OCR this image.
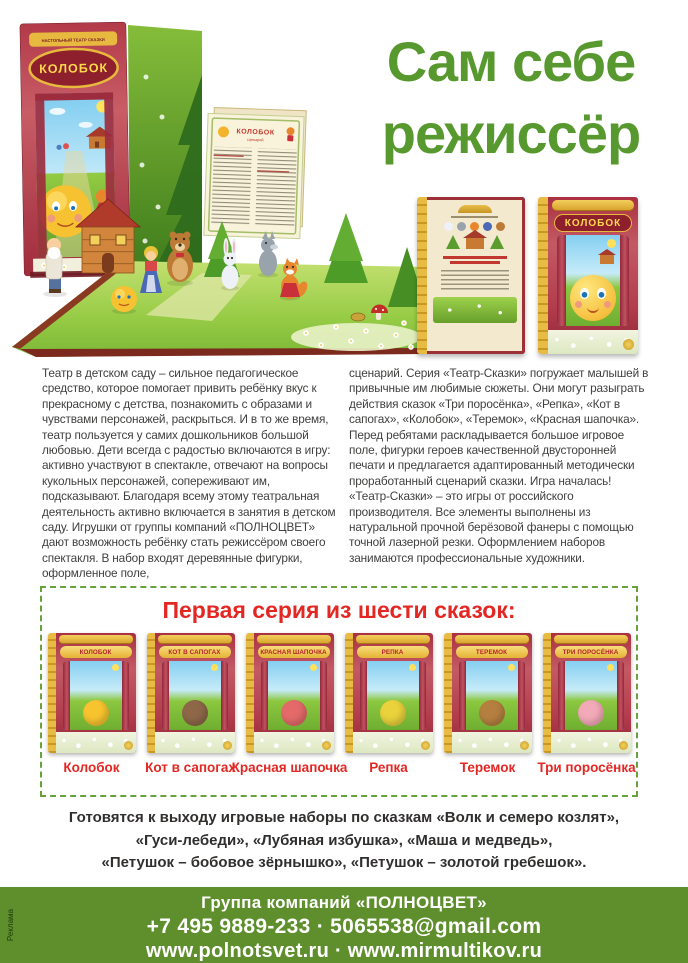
Сам себе
режиссёр
НАСТОЛЬНЫЙ ТЕАТР СКАЗКИ
КОЛОБОК
КОЛОБОК
сценарий
КОЛОБОК
Театр в детском саду – сильное педагогическое средство, которое помогает привить ребёнку вкус к прекрасному с детства, познакомить с образами и чувствами персонажей, раскрыться. И в то же время, театр пользуется у самих дошкольников большой любовью. Дети всегда с радостью включаются в игру: активно участвуют в спектакле, отвечают на вопросы кукольных персонажей, сопереживают им, подсказывают. Благодаря всему этому театральная деятельность активно включается в занятия в детском саду. Игрушки от группы компаний «ПОЛНОЦВЕТ» дают возможность ребёнку стать режиссёром своего спектакля. В набор входят деревянные фигурки, оформленное поле,
сценарий. Серия «Театр-Сказки» погружает малышей в привычные им любимые сюжеты. Они могут разыграть действия сказок «Три поросёнка», «Репка», «Кот в сапогах», «Колобок», «Теремок», «Красная шапочка». Перед ребятами раскладывается большое игровое поле, фигурки героев качественной двусторонней печати и предлагается адаптированный методически проработанный сценарий сказки. Игра началась! «Театр-Сказки» – это игры от российского производителя. Все элементы выполнены из натуральной прочной берёзовой фанеры с помощью точной лазерной резки. Оформлением наборов занимаются профессиональные художники.
Первая серия из шести сказок:
КОЛОБОК
Колобок
КОТ В САПОГАХ
Кот в сапогах
КРАСНАЯ ШАПОЧКА
Красная шапочка
РЕПКА
Репка
ТЕРЕМОК
Теремок
ТРИ ПОРОСЁНКА
Три поросёнка
Готовятся к выходу игровые наборы по сказкам «Волк и семеро козлят»,
«Гуси-лебеди», «Лубяная избушка», «Маша и медведь»,
«Петушок – бобовое зёрнышко», «Петушок – золотой гребешок».
Реклама
Группа компаний «ПОЛНОЦВЕТ»
+7 495 9889-233 · 5065538@gmail.com
www.polnotsvet.ru · www.mirmultikov.ru
